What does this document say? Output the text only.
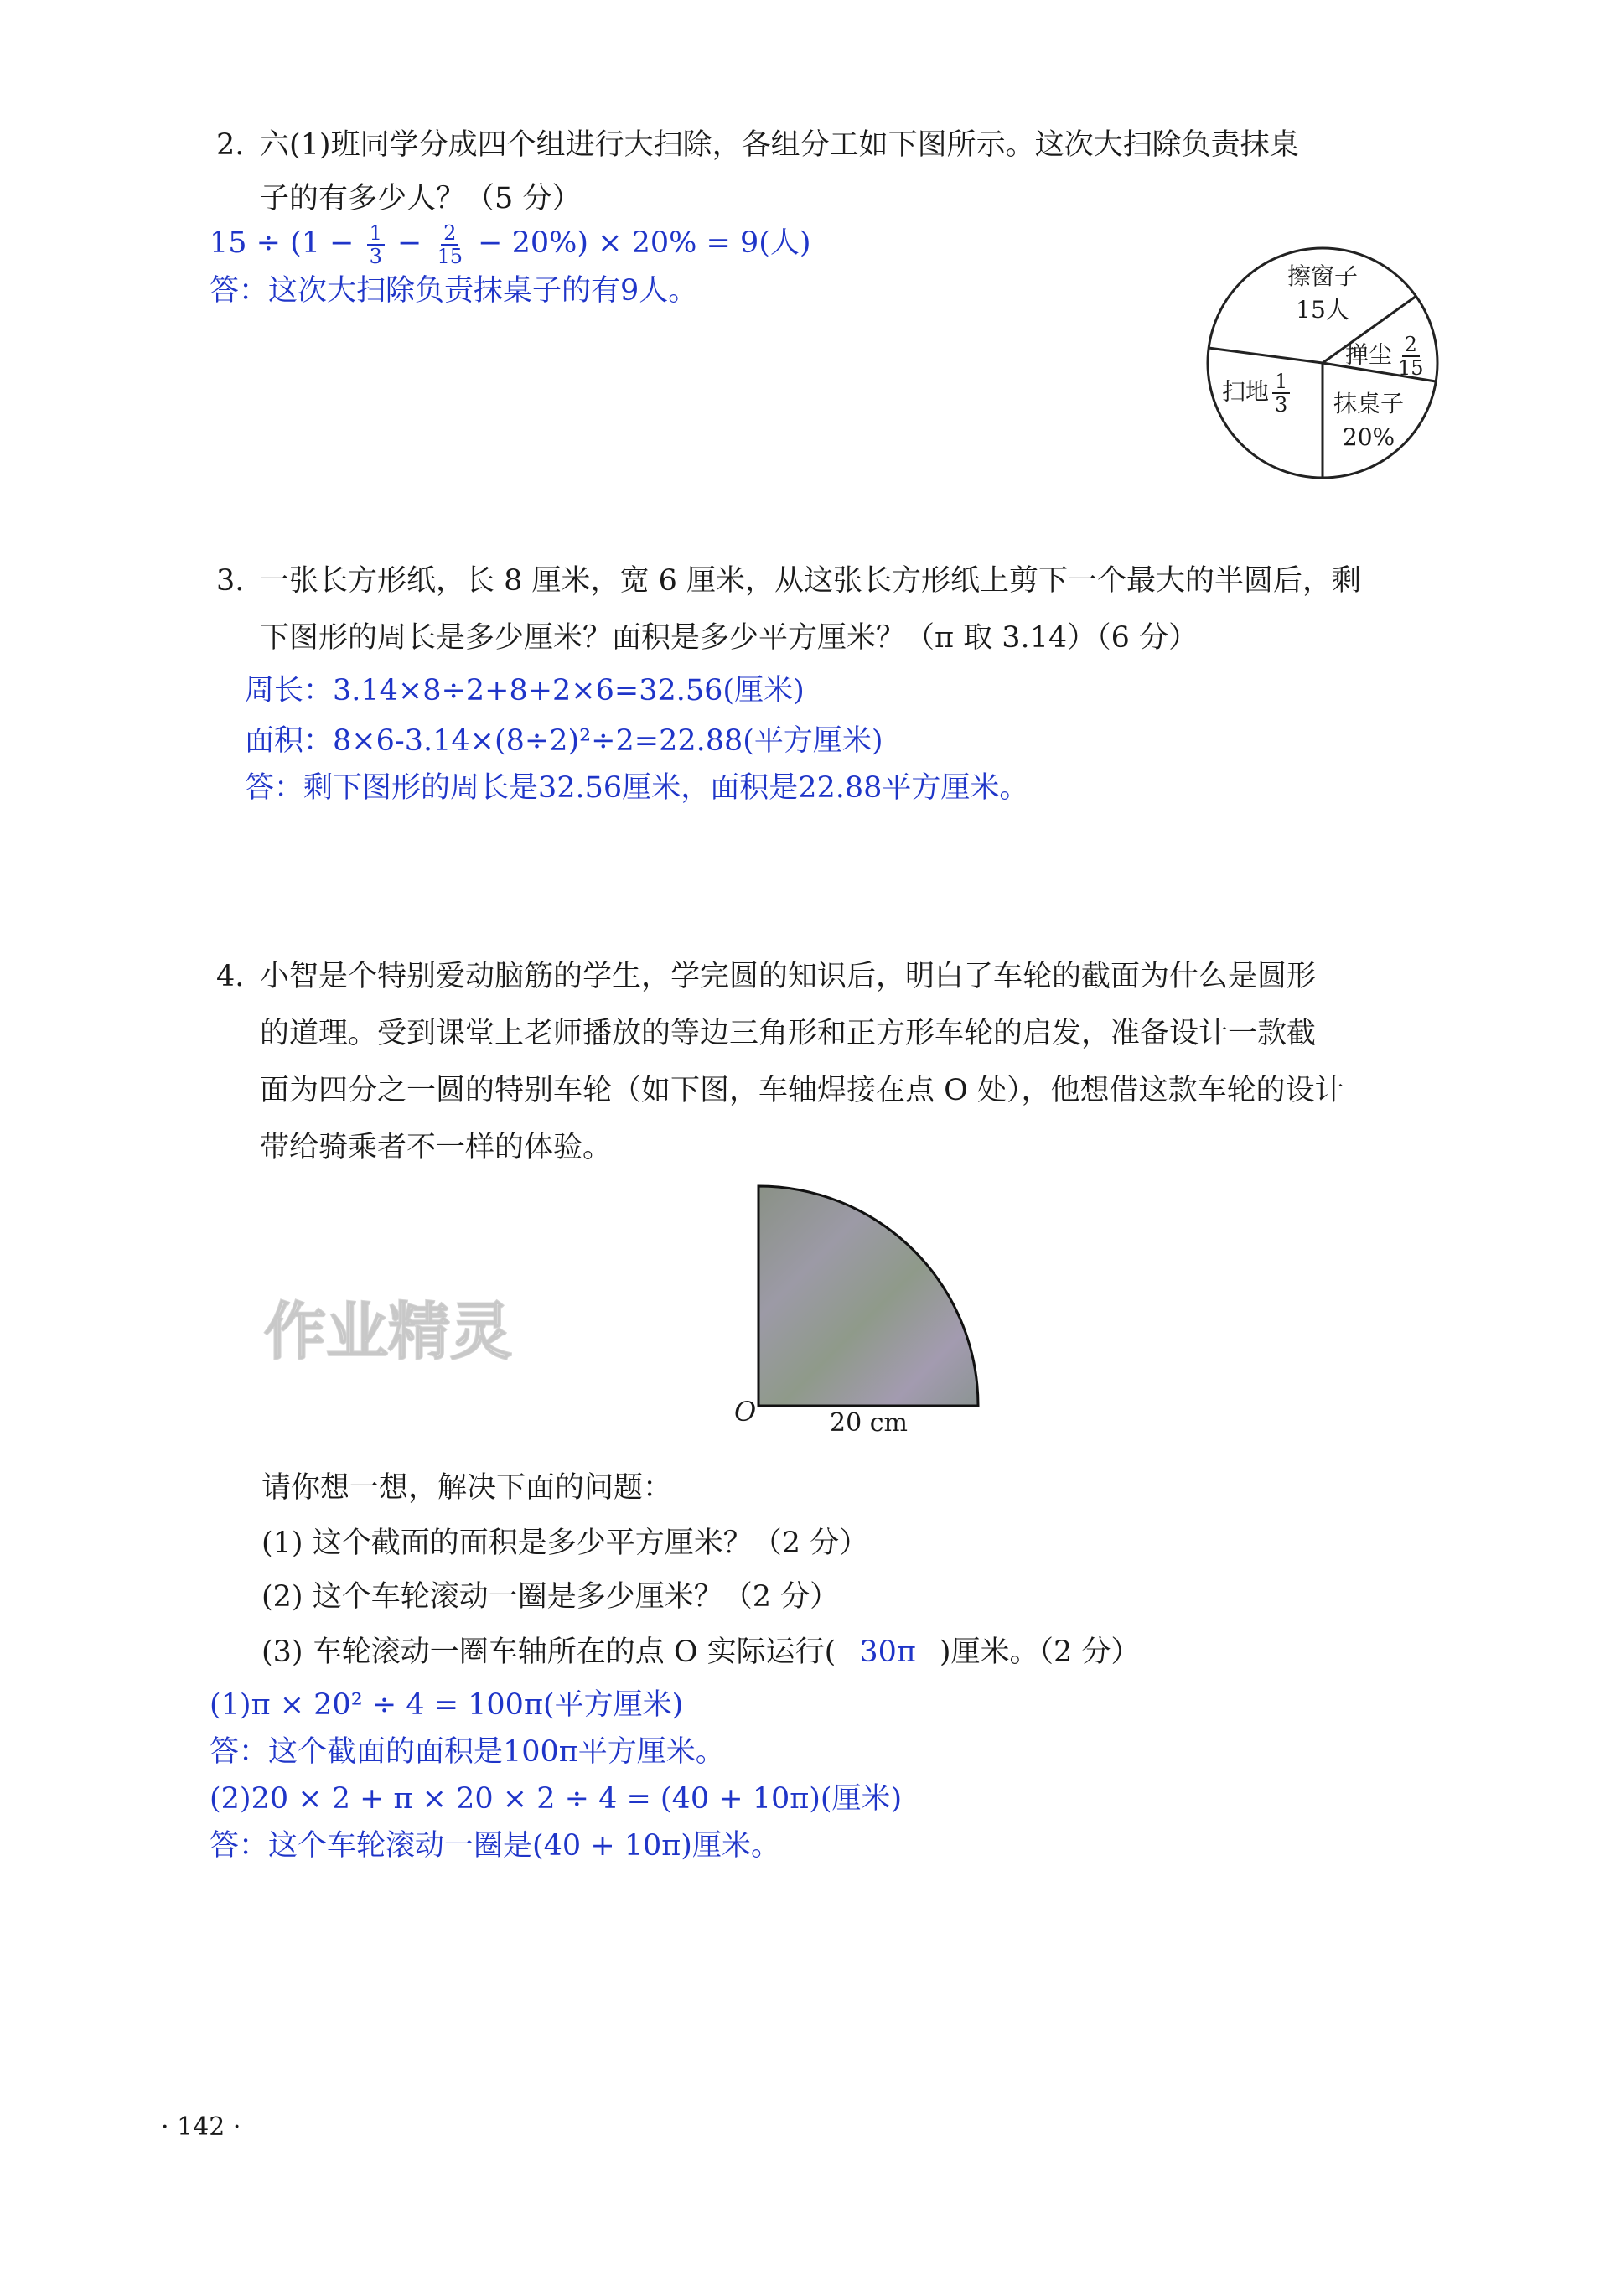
2. 六(1)班同学分成四个组进行大扫除，各组分工如下图所示。这次大扫除负责抹桌
子的有多少人？（5 分）
$15 \div (1 - \frac{1}{3} - \frac{2}{15} - 20\%) \times 20\% = 9$(人)
答：这次大扫除负责抹桌子的有9人。	擦窗子
15人
掸尘 $\frac{2}{15}$
扫地 $\frac{1}{3}$	抹桌子
20%
3. 一张长方形纸，长 8 厘米，宽 6 厘米，从这张长方形纸上剪下一个最大的半圆后，剩
下图形的周长是多少厘米？面积是多少平方厘米？（π 取 3.14）（6 分）
周长：3.14×8÷2+8+2×6=32.56(厘米)
面积：8×6-3.14×(8÷2)²÷2=22.88(平方厘米)
答：剩下图形的周长是32.56厘米，面积是22.88平方厘米。
4. 小智是个特别爱动脑筋的学生，学完圆的知识后，明白了车轮的截面为什么是圆形
的道理。受到课堂上老师播放的等边三角形和正方形车轮的启发，准备设计一款截
面为四分之一圆的特别车轮（如下图，车轴焊接在点 O 处），他想借这款车轮的设计
带给骑乘者不一样的体验。
O	20 cm
请你想一想，解决下面的问题：
(1) 这个截面的面积是多少平方厘米？（2 分）
(2) 这个车轮滚动一圈是多少厘米？（2 分）
(3) 车轮滚动一圈车轴所在的点 O 实际运行( 30π )厘米。（2 分）
(1)π × 20² ÷ 4 = 100π(平方厘米)
答：这个截面的面积是100π平方厘米。
(2)20 × 2 + π × 20 × 2 ÷ 4 = (40 + 10π)(厘米)
答：这个车轮滚动一圈是(40 + 10π)厘米。
作业精灵
· 142 ·
